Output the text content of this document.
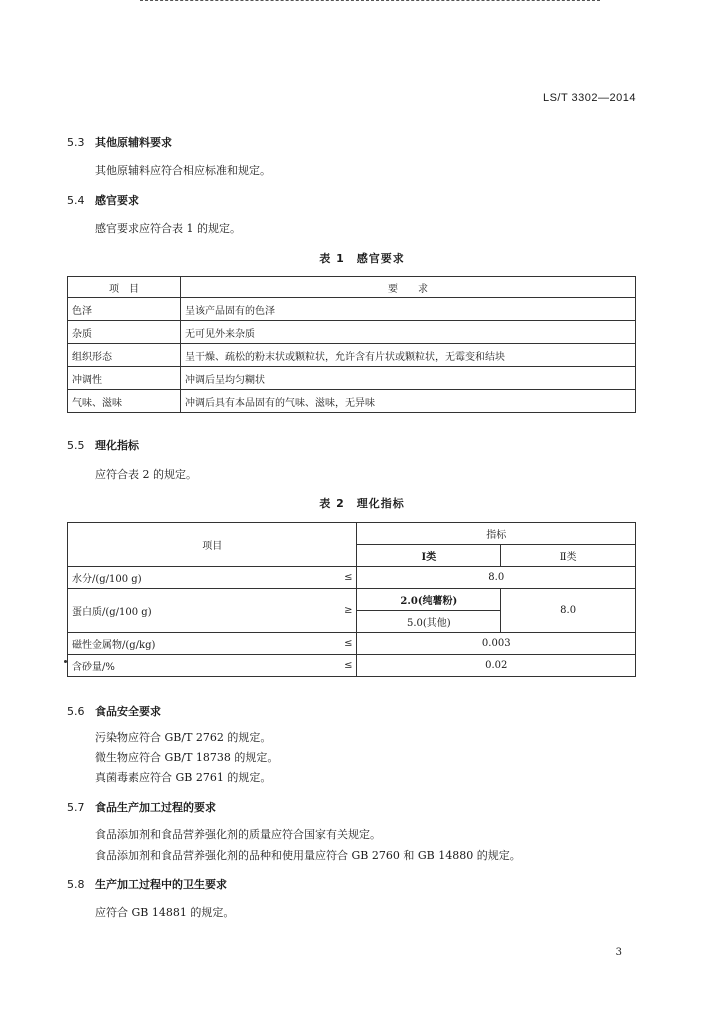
LS/T 3302—2014
5.3 其他原辅料要求
其他原辅料应符合相应标准和规定。
5.4 感官要求
感官要求应符合表 1 的规定。
表 1　感官要求
项　目	要　　求
色泽	呈该产品固有的色泽
杂质	无可见外来杂质
组织形态	呈干燥、疏松的粉末状或颗粒状，允许含有片状或颗粒状，无霉变和结块
冲调性	冲调后呈均匀糊状
气味、滋味	冲调后具有本品固有的气味、滋味，无异味
5.5 理化指标
应符合表 2 的规定。
表 2　理化指标
项目		指标	
		Ⅰ类	Ⅱ类
水分/(g/100 g)	≤	8.0	
蛋白质/(g/100 g)	≥	2.0(纯薯粉)	8.0
		5.0(其他)	
磁性金属物/(g/kg)	≤	0.003	
含砂量/%	≤	0.02	
5.6 食品安全要求
污染物应符合 GB/T 2762 的规定。
微生物应符合 GB/T 18738 的规定。
真菌毒素应符合 GB 2761 的规定。
5.7 食品生产加工过程的要求
食品添加剂和食品营养强化剂的质量应符合国家有关规定。
食品添加剂和食品营养强化剂的品种和使用量应符合 GB 2760 和 GB 14880 的规定。
5.8 生产加工过程中的卫生要求
应符合 GB 14881 的规定。
3
